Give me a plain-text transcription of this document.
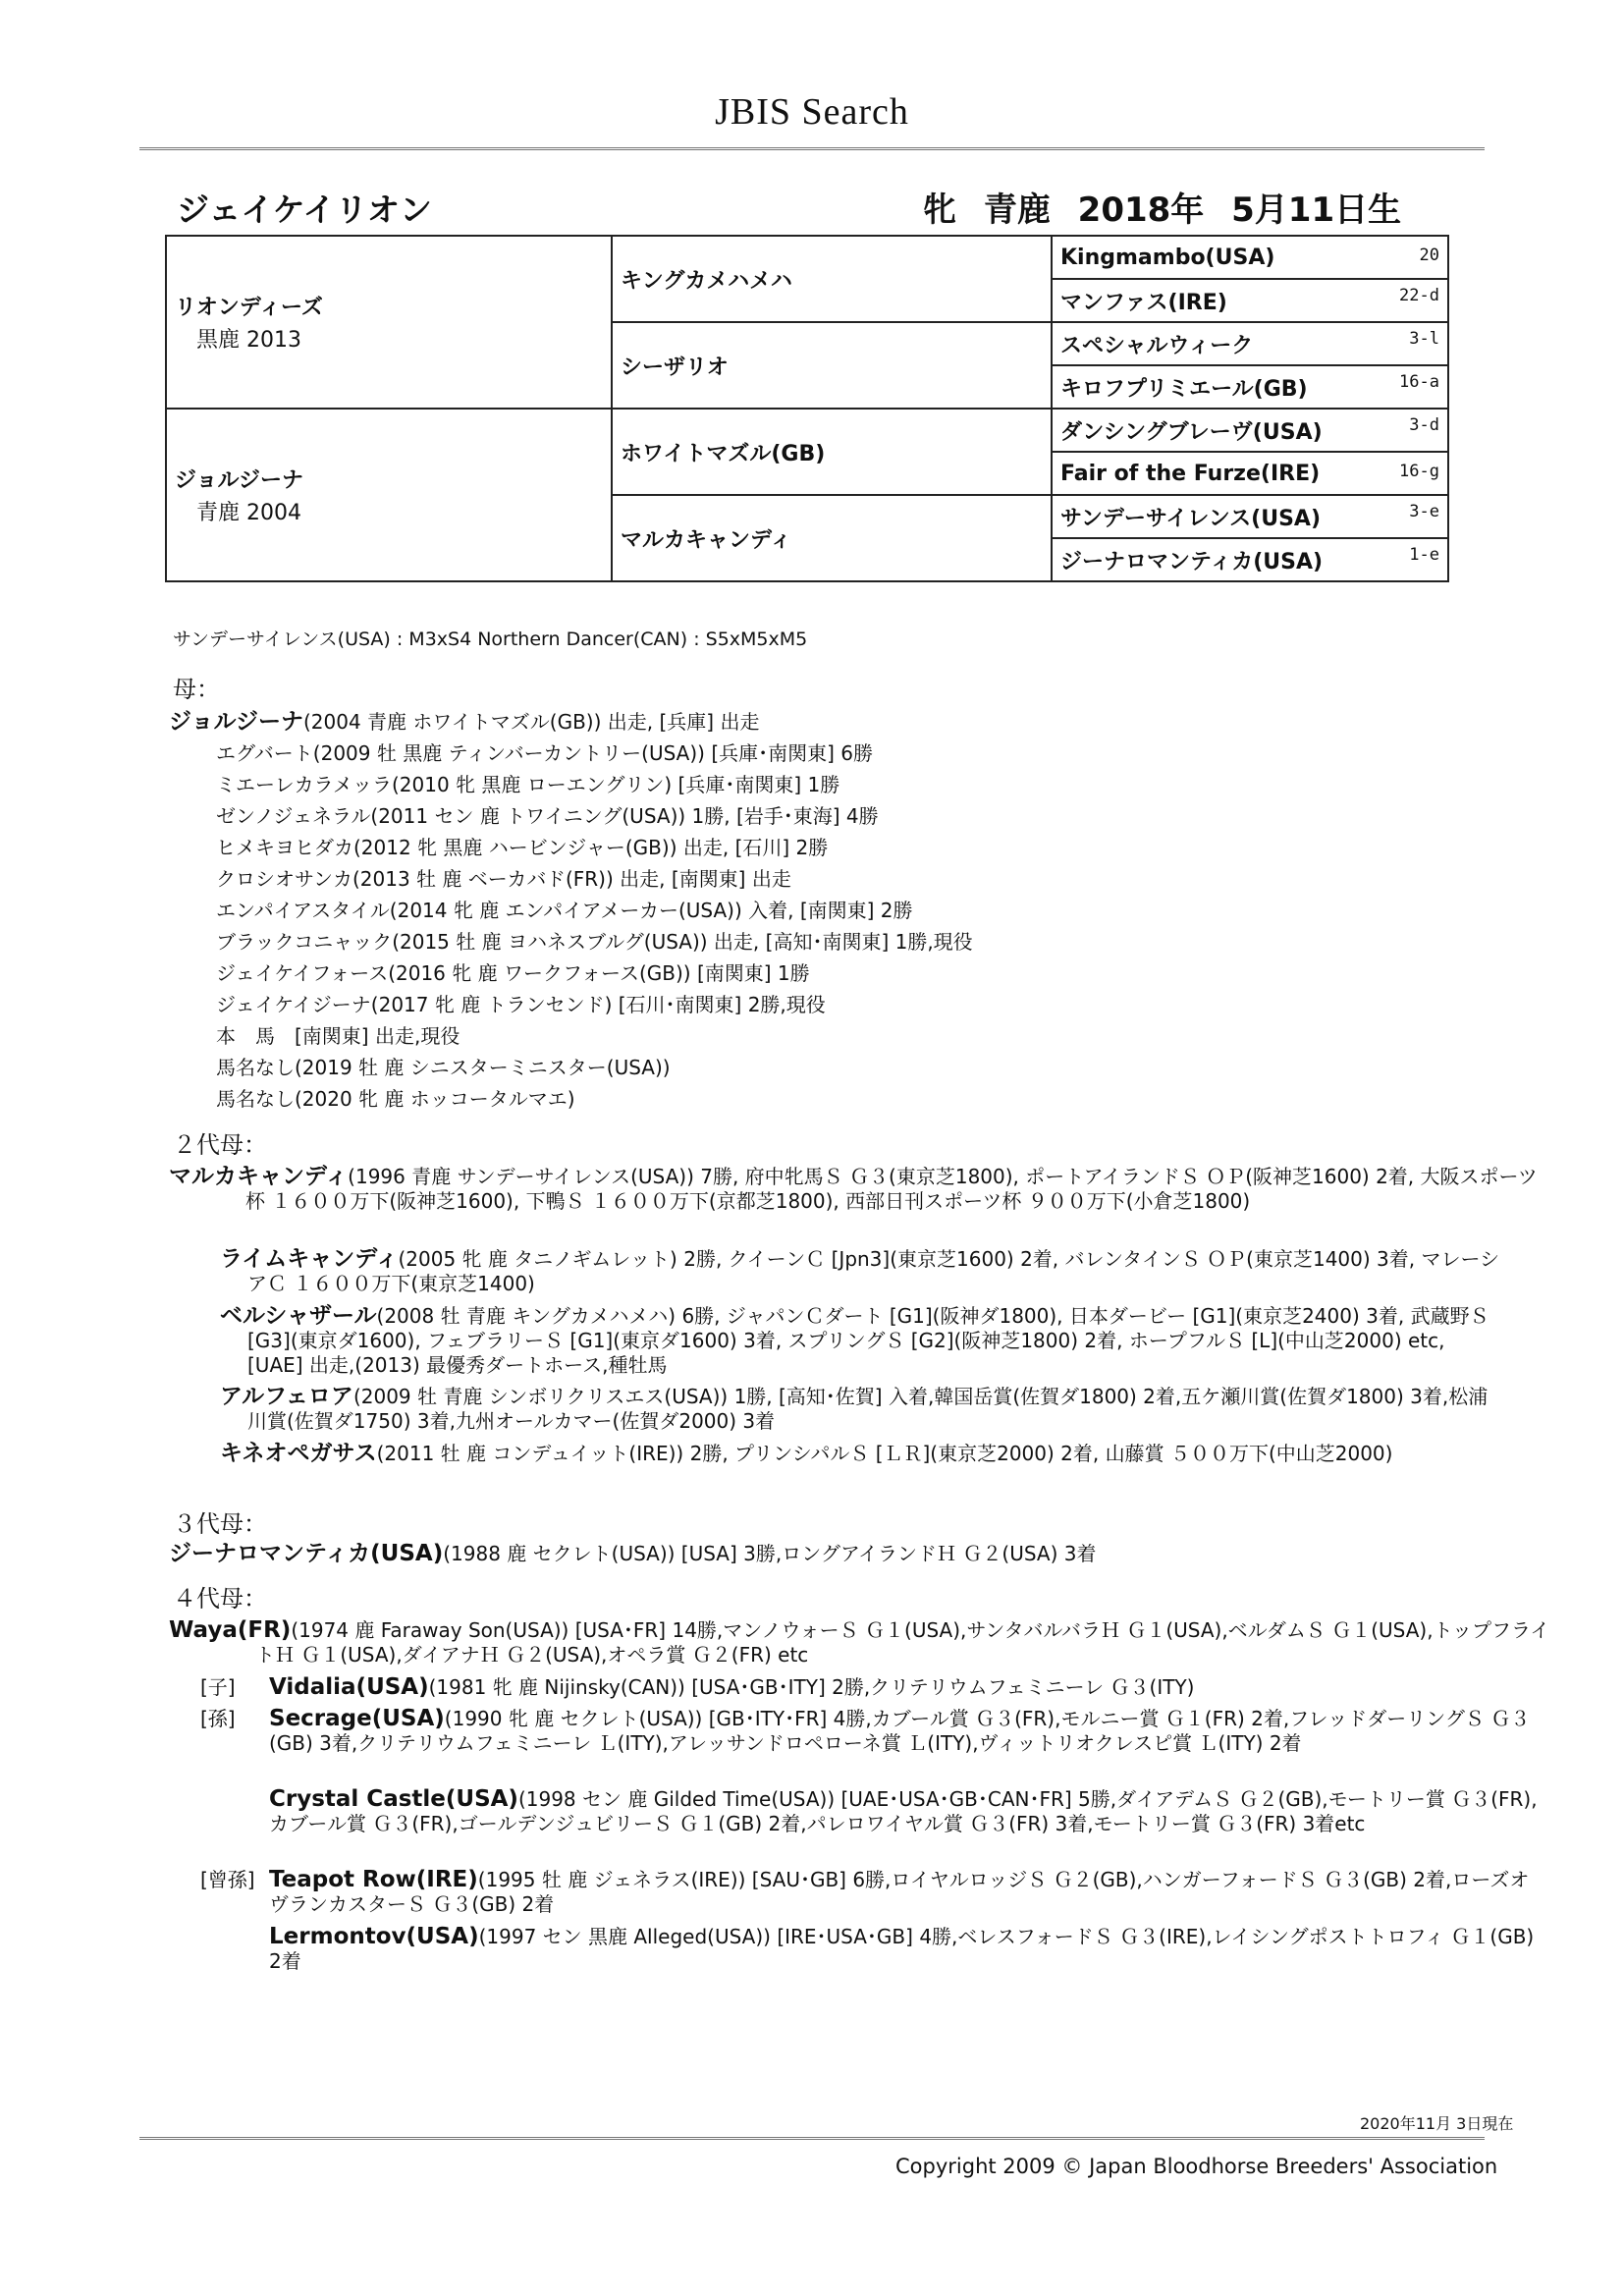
JBIS Search
ジェイケイリオン	牝 青鹿 2018年 5月11日生
リオンディーズ
黒鹿 2013	キングカメハメハ	Kingmambo(USA) 20

		マンファス(IRE) 22-d

	シーザリオ	スペシャルウィーク 3-l

		キロフプリミエール(GB) 16-a

ジョルジーナ
青鹿 2004	ホワイトマズル(GB)	ダンシングブレーヴ(USA) 3-d

		Fair of the Furze(IRE) 16-g

	マルカキャンディ	サンデーサイレンス(USA) 3-e

		ジーナロマンティカ(USA) 1-e
サンデーサイレンス(USA) : M3xS4 Northern Dancer(CAN) : S5xM5xM5
母：
ジョルジーナ(2004 青鹿 ホワイトマズル(GB)) 出走, [兵庫] 出走
エグバート(2009 牡 黒鹿 ティンバーカントリー(USA)) [兵庫･南関東] 6勝
ミエーレカラメッラ(2010 牝 黒鹿 ローエングリン) [兵庫･南関東] 1勝
ゼンノジェネラル(2011 セン 鹿 トワイニング(USA)) 1勝, [岩手･東海] 4勝
ヒメキヨヒダカ(2012 牝 黒鹿 ハービンジャー(GB)) 出走, [石川] 2勝
クロシオサンカ(2013 牡 鹿 ベーカバド(FR)) 出走, [南関東] 出走
エンパイアスタイル(2014 牝 鹿 エンパイアメーカー(USA)) 入着, [南関東] 2勝
ブラックコニャック(2015 牡 鹿 ヨハネスブルグ(USA)) 出走, [高知･南関東] 1勝,現役
ジェイケイフォース(2016 牝 鹿 ワークフォース(GB)) [南関東] 1勝
ジェイケイジーナ(2017 牝 鹿 トランセンド) [石川･南関東] 2勝,現役
本　馬　[南関東] 出走,現役
馬名なし(2019 牡 鹿 シニスターミニスター(USA))
馬名なし(2020 牝 鹿 ホッコータルマエ)
２代母：
マルカキャンディ(1996 青鹿 サンデーサイレンス(USA)) 7勝, 府中牝馬Ｓ Ｇ３(東京芝1800), ポートアイランドＳ ＯＰ(阪神芝1600) 2着, 大阪スポーツ杯 １６００万下(阪神芝1600), 下鴨Ｓ １６００万下(京都芝1800), 西部日刊スポーツ杯 ９００万下(小倉芝1800)
ライムキャンディ(2005 牝 鹿 タニノギムレット) 2勝, クイーンＣ [Jpn3](東京芝1600) 2着, バレンタインＳ ＯＰ(東京芝1400) 3着, マレーシアＣ １６００万下(東京芝1400)
ベルシャザール(2008 牡 青鹿 キングカメハメハ) 6勝, ジャパンＣダート [G1](阪神ダ1800), 日本ダービー [G1](東京芝2400) 3着, 武蔵野Ｓ [G3](東京ダ1600), フェブラリーＳ [G1](東京ダ1600) 3着, スプリングＳ [G2](阪神芝1800) 2着, ホープフルＳ [L](中山芝2000) etc, [UAE] 出走,(2013) 最優秀ダートホース,種牡馬
アルフェロア(2009 牡 青鹿 シンボリクリスエス(USA)) 1勝, [高知･佐賀] 入着,韓国岳賞(佐賀ダ1800) 2着,五ケ瀬川賞(佐賀ダ1800) 3着,松浦川賞(佐賀ダ1750) 3着,九州オールカマー(佐賀ダ2000) 3着
キネオペガサス(2011 牡 鹿 コンデュイット(IRE)) 2勝, プリンシパルＳ [ＬＲ](東京芝2000) 2着, 山藤賞 ５００万下(中山芝2000)
３代母：
ジーナロマンティカ(USA)(1988 鹿 セクレト(USA)) [USA] 3勝,ロングアイランドＨ Ｇ２(USA) 3着
４代母：
Waya(FR)(1974 鹿 Faraway Son(USA)) [USA･FR] 14勝,マンノウォーＳ Ｇ１(USA),サンタバルバラＨ Ｇ１(USA),ベルダムＳ Ｇ１(USA),トップフライトＨ Ｇ１(USA),ダイアナＨ Ｇ２(USA),オペラ賞 Ｇ２(FR) etc
[子] Vidalia(USA)(1981 牝 鹿 Nijinsky(CAN)) [USA･GB･ITY] 2勝,クリテリウムフェミニーレ Ｇ３(ITY)
[孫] Secrage(USA)(1990 牝 鹿 セクレト(USA)) [GB･ITY･FR] 4勝,カブール賞 Ｇ３(FR),モルニー賞 Ｇ１(FR) 2着,フレッドダーリングＳ Ｇ３(GB) 3着,クリテリウムフェミニーレ Ｌ(ITY),アレッサンドロペローネ賞 Ｌ(ITY),ヴィットリオクレスピ賞 Ｌ(ITY) 2着
Crystal Castle(USA)(1998 セン 鹿 Gilded Time(USA)) [UAE･USA･GB･CAN･FR] 5勝,ダイアデムＳ Ｇ２(GB),モートリー賞 Ｇ３(FR),カブール賞 Ｇ３(FR),ゴールデンジュビリーＳ Ｇ１(GB) 2着,パレロワイヤル賞 Ｇ３(FR) 3着,モートリー賞 Ｇ３(FR) 3着etc
[曾孫] Teapot Row(IRE)(1995 牡 鹿 ジェネラス(IRE)) [SAU･GB] 6勝,ロイヤルロッジＳ Ｇ２(GB),ハンガーフォードＳ Ｇ３(GB) 2着,ローズオヴランカスターＳ Ｇ３(GB) 2着
Lermontov(USA)(1997 セン 黒鹿 Alleged(USA)) [IRE･USA･GB] 4勝,ベレスフォードＳ Ｇ３(IRE),レイシングポストトロフィ Ｇ１(GB) 2着
2020年11月 3日現在
Copyright 2009 © Japan Bloodhorse Breeders' Association
